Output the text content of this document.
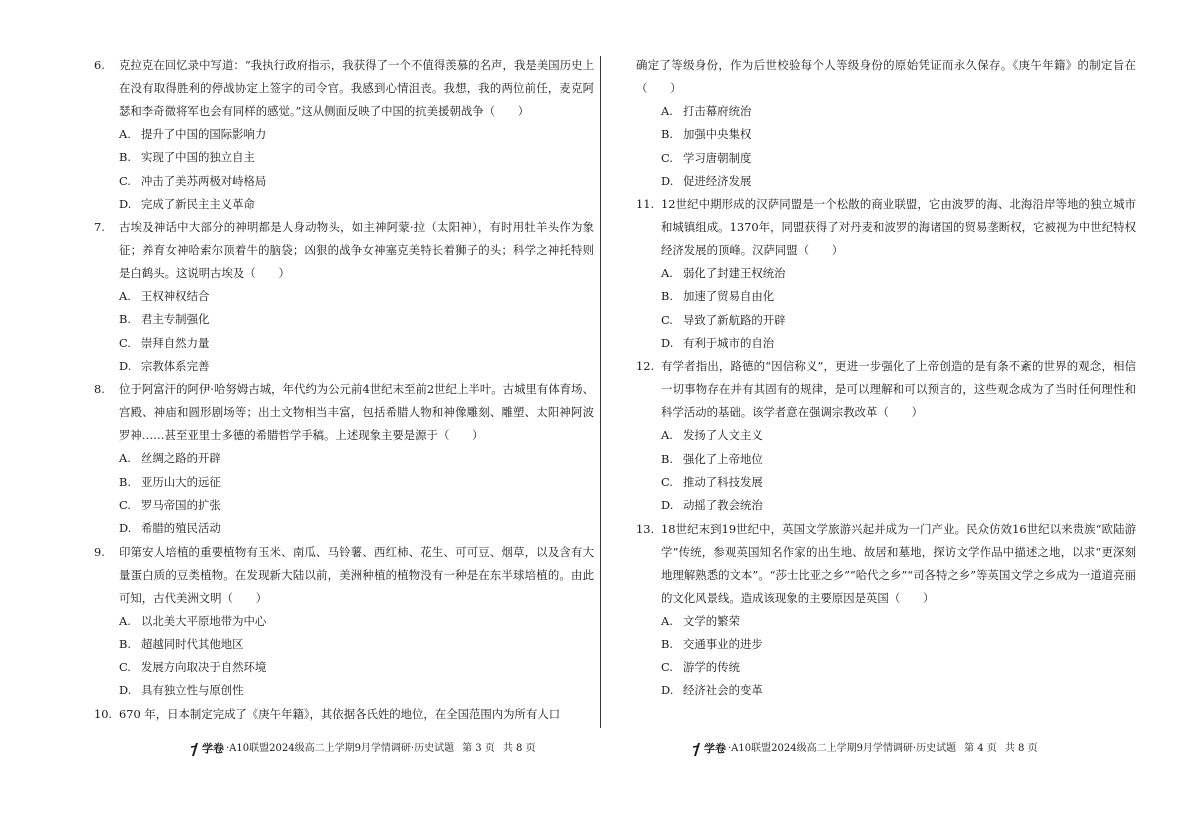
6. 克拉克在回忆录中写道：“我执行政府指示，我获得了一个不值得羡慕的名声，我是美国历史上在没有取得胜利的停战协定上签字的司令官。我感到心情沮丧。我想，我的两位前任，麦克阿瑟和李奇微将军也会有同样的感觉。”这从侧面反映了中国的抗美援朝战争（　　）
A. 提升了中国的国际影响力
B. 实现了中国的独立自主
C. 冲击了美苏两极对峙格局
D. 完成了新民主主义革命
7. 古埃及神话中大部分的神明都是人身动物头，如主神阿蒙·拉（太阳神），有时用牡羊头作为象征；养育女神哈索尔顶着牛的脑袋；凶狠的战争女神塞克美特长着狮子的头；科学之神托特则是白鹤头。这说明古埃及（　　）
A. 王权神权结合
B. 君主专制强化
C. 崇拜自然力量
D. 宗教体系完善
8. 位于阿富汗的阿伊·哈努姆古城，年代约为公元前4世纪末至前2世纪上半叶。古城里有体育场、宫殿、神庙和圆形剧场等；出土文物相当丰富，包括希腊人物和神像雕刻、雕塑、太阳神阿波罗神……甚至亚里士多德的希腊哲学手稿。上述现象主要是源于（　　）
A. 丝绸之路的开辟
B. 亚历山大的远征
C. 罗马帝国的扩张
D. 希腊的殖民活动
9. 印第安人培植的重要植物有玉米、南瓜、马铃薯、西红柿、花生、可可豆、烟草，以及含有大量蛋白质的豆类植物。在发现新大陆以前，美洲种植的植物没有一种是在东半球培植的。由此可知，古代美洲文明（　　）
A. 以北美大平原地带为中心
B. 超越同时代其他地区
C. 发展方向取决于自然环境
D. 具有独立性与原创性
10. 670 年，日本制定完成了《庚午年籍》，其依据各氏姓的地位，在全国范围内为所有人口
确定了等级身份，作为后世校验每个人等级身份的原始凭证而永久保存。《庚午年籍》的制定旨在（　　）
A. 打击幕府统治
B. 加强中央集权
C. 学习唐朝制度
D. 促进经济发展
11. 12世纪中期形成的汉萨同盟是一个松散的商业联盟，它由波罗的海、北海沿岸等地的独立城市和城镇组成。1370年，同盟获得了对丹麦和波罗的海诸国的贸易垄断权，它被视为中世纪特权经济发展的顶峰。汉萨同盟（　　）
A. 弱化了封建王权统治
B. 加速了贸易自由化
C. 导致了新航路的开辟
D. 有利于城市的自治
12. 有学者指出，路德的“因信称义”，更进一步强化了上帝创造的是有条不紊的世界的观念，相信一切事物存在并有其固有的规律，是可以理解和可以预言的，这些观念成为了当时任何理性和科学活动的基础。该学者意在强调宗教改革（　　）
A. 发扬了人文主义
B. 强化了上帝地位
C. 推动了科技发展
D. 动摇了教会统治
13. 18世纪末到19世纪中，英国文学旅游兴起并成为一门产业。民众仿效16世纪以来贵族“欧陆游学”传统，参观英国知名作家的出生地、故居和墓地，探访文学作品中描述之地，以求“更深刻地理解熟悉的文本”。“莎士比亚之乡”“哈代之乡”“司各特之乡”等英国文学之乡成为一道道亮丽的文化风景线。造成该现象的主要原因是英国（　　）
A. 文学的繁荣
B. 交通事业的进步
C. 游学的传统
D. 经济社会的变革
学卷 ·A10联盟2024级高二上学期9月学情调研·历史试题 第 3 页 共 8 页	学卷 ·A10联盟2024级高二上学期9月学情调研·历史试题 第 4 页 共 8 页
